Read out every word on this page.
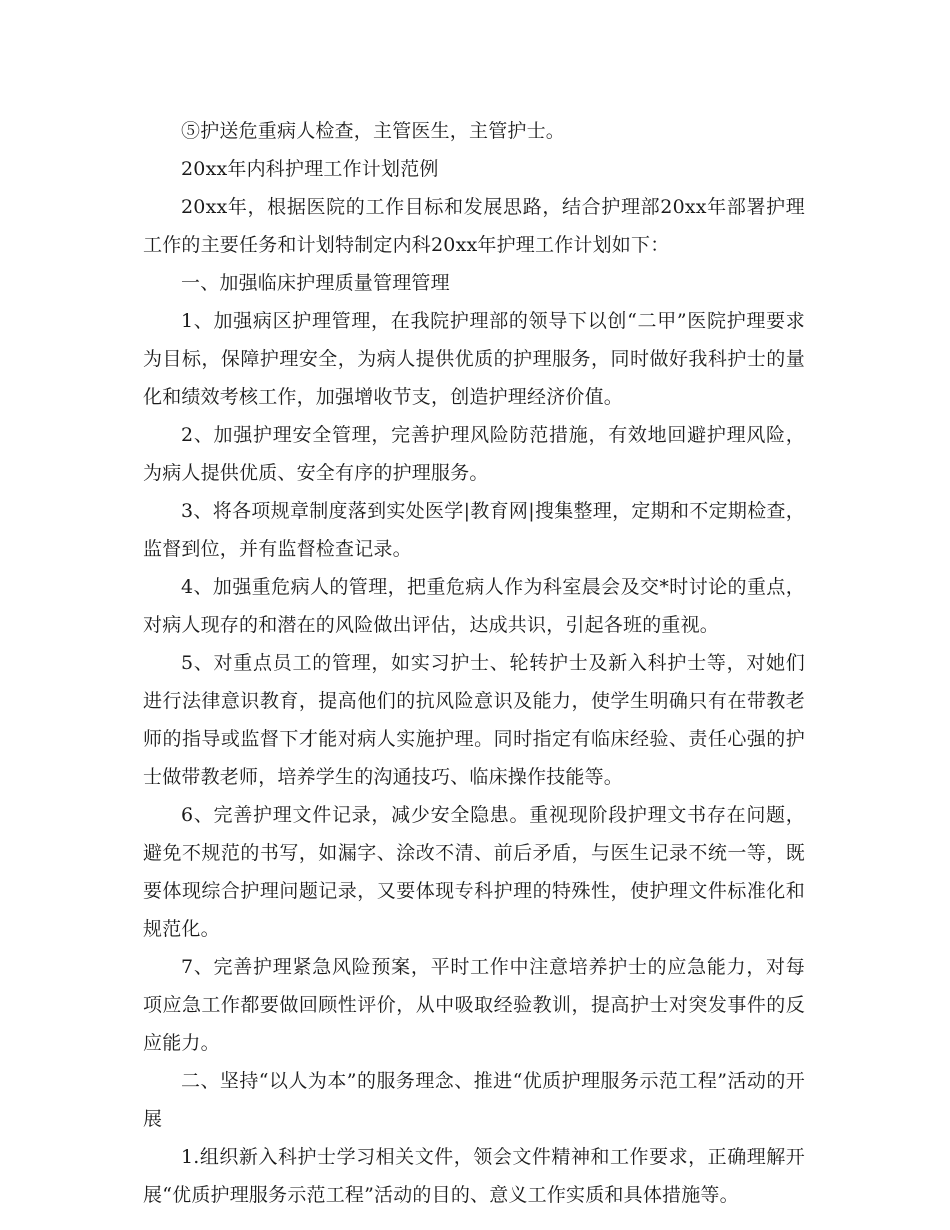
⑤护送危重病人检查，主管医生，主管护士。

20xx年内科护理工作计划范例

20xx年，根据医院的工作目标和发展思路，结合护理部20xx年部署护理工作的主要任务和计划特制定内科20xx年护理工作计划如下：

一、加强临床护理质量管理管理

1、加强病区护理管理，在我院护理部的领导下以创“二甲”医院护理要求为目标，保障护理安全，为病人提供优质的护理服务，同时做好我科护士的量化和绩效考核工作，加强增收节支，创造护理经济价值。

2、加强护理安全管理，完善护理风险防范措施，有效地回避护理风险，为病人提供优质、安全有序的护理服务。

3、将各项规章制度落到实处医学|教育网|搜集整理，定期和不定期检查，监督到位，并有监督检查记录。

4、加强重危病人的管理，把重危病人作为科室晨会及交*时讨论的重点，对病人现存的和潜在的风险做出评估，达成共识，引起各班的重视。

5、对重点员工的管理，如实习护士、轮转护士及新入科护士等，对她们进行法律意识教育，提高他们的抗风险意识及能力，使学生明确只有在带教老师的指导或监督下才能对病人实施护理。同时指定有临床经验、责任心强的护士做带教老师，培养学生的沟通技巧、临床操作技能等。

6、完善护理文件记录，减少安全隐患。重视现阶段护理文书存在问题，避免不规范的书写，如漏字、涂改不清、前后矛盾，与医生记录不统一等，既要体现综合护理问题记录，又要体现专科护理的特殊性，使护理文件标准化和规范化。

7、完善护理紧急风险预案，平时工作中注意培养护士的应急能力，对每项应急工作都要做回顾性评价，从中吸取经验教训，提高护士对突发事件的反应能力。

二、坚持“以人为本”的服务理念、推进“优质护理服务示范工程”活动的开展

1.组织新入科护士学习相关文件，领会文件精神和工作要求，正确理解开展“优质护理服务示范工程”活动的目的、意义工作实质和具体措施等。
